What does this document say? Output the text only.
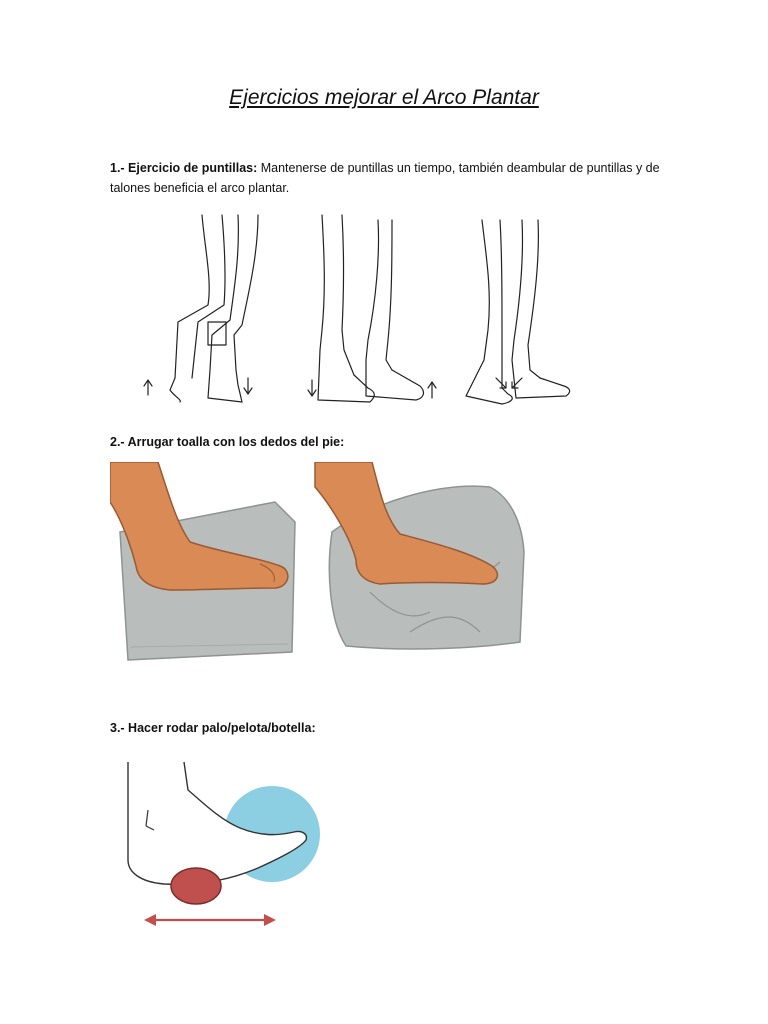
Ejercicios mejorar el Arco Plantar
1.- Ejercicio de puntillas: Mantenerse de puntillas un tiempo, también deambular de puntillas y de talones beneficia el arco plantar.
2.- Arrugar toalla con los dedos del pie:
3.- Hacer rodar palo/pelota/botella:
